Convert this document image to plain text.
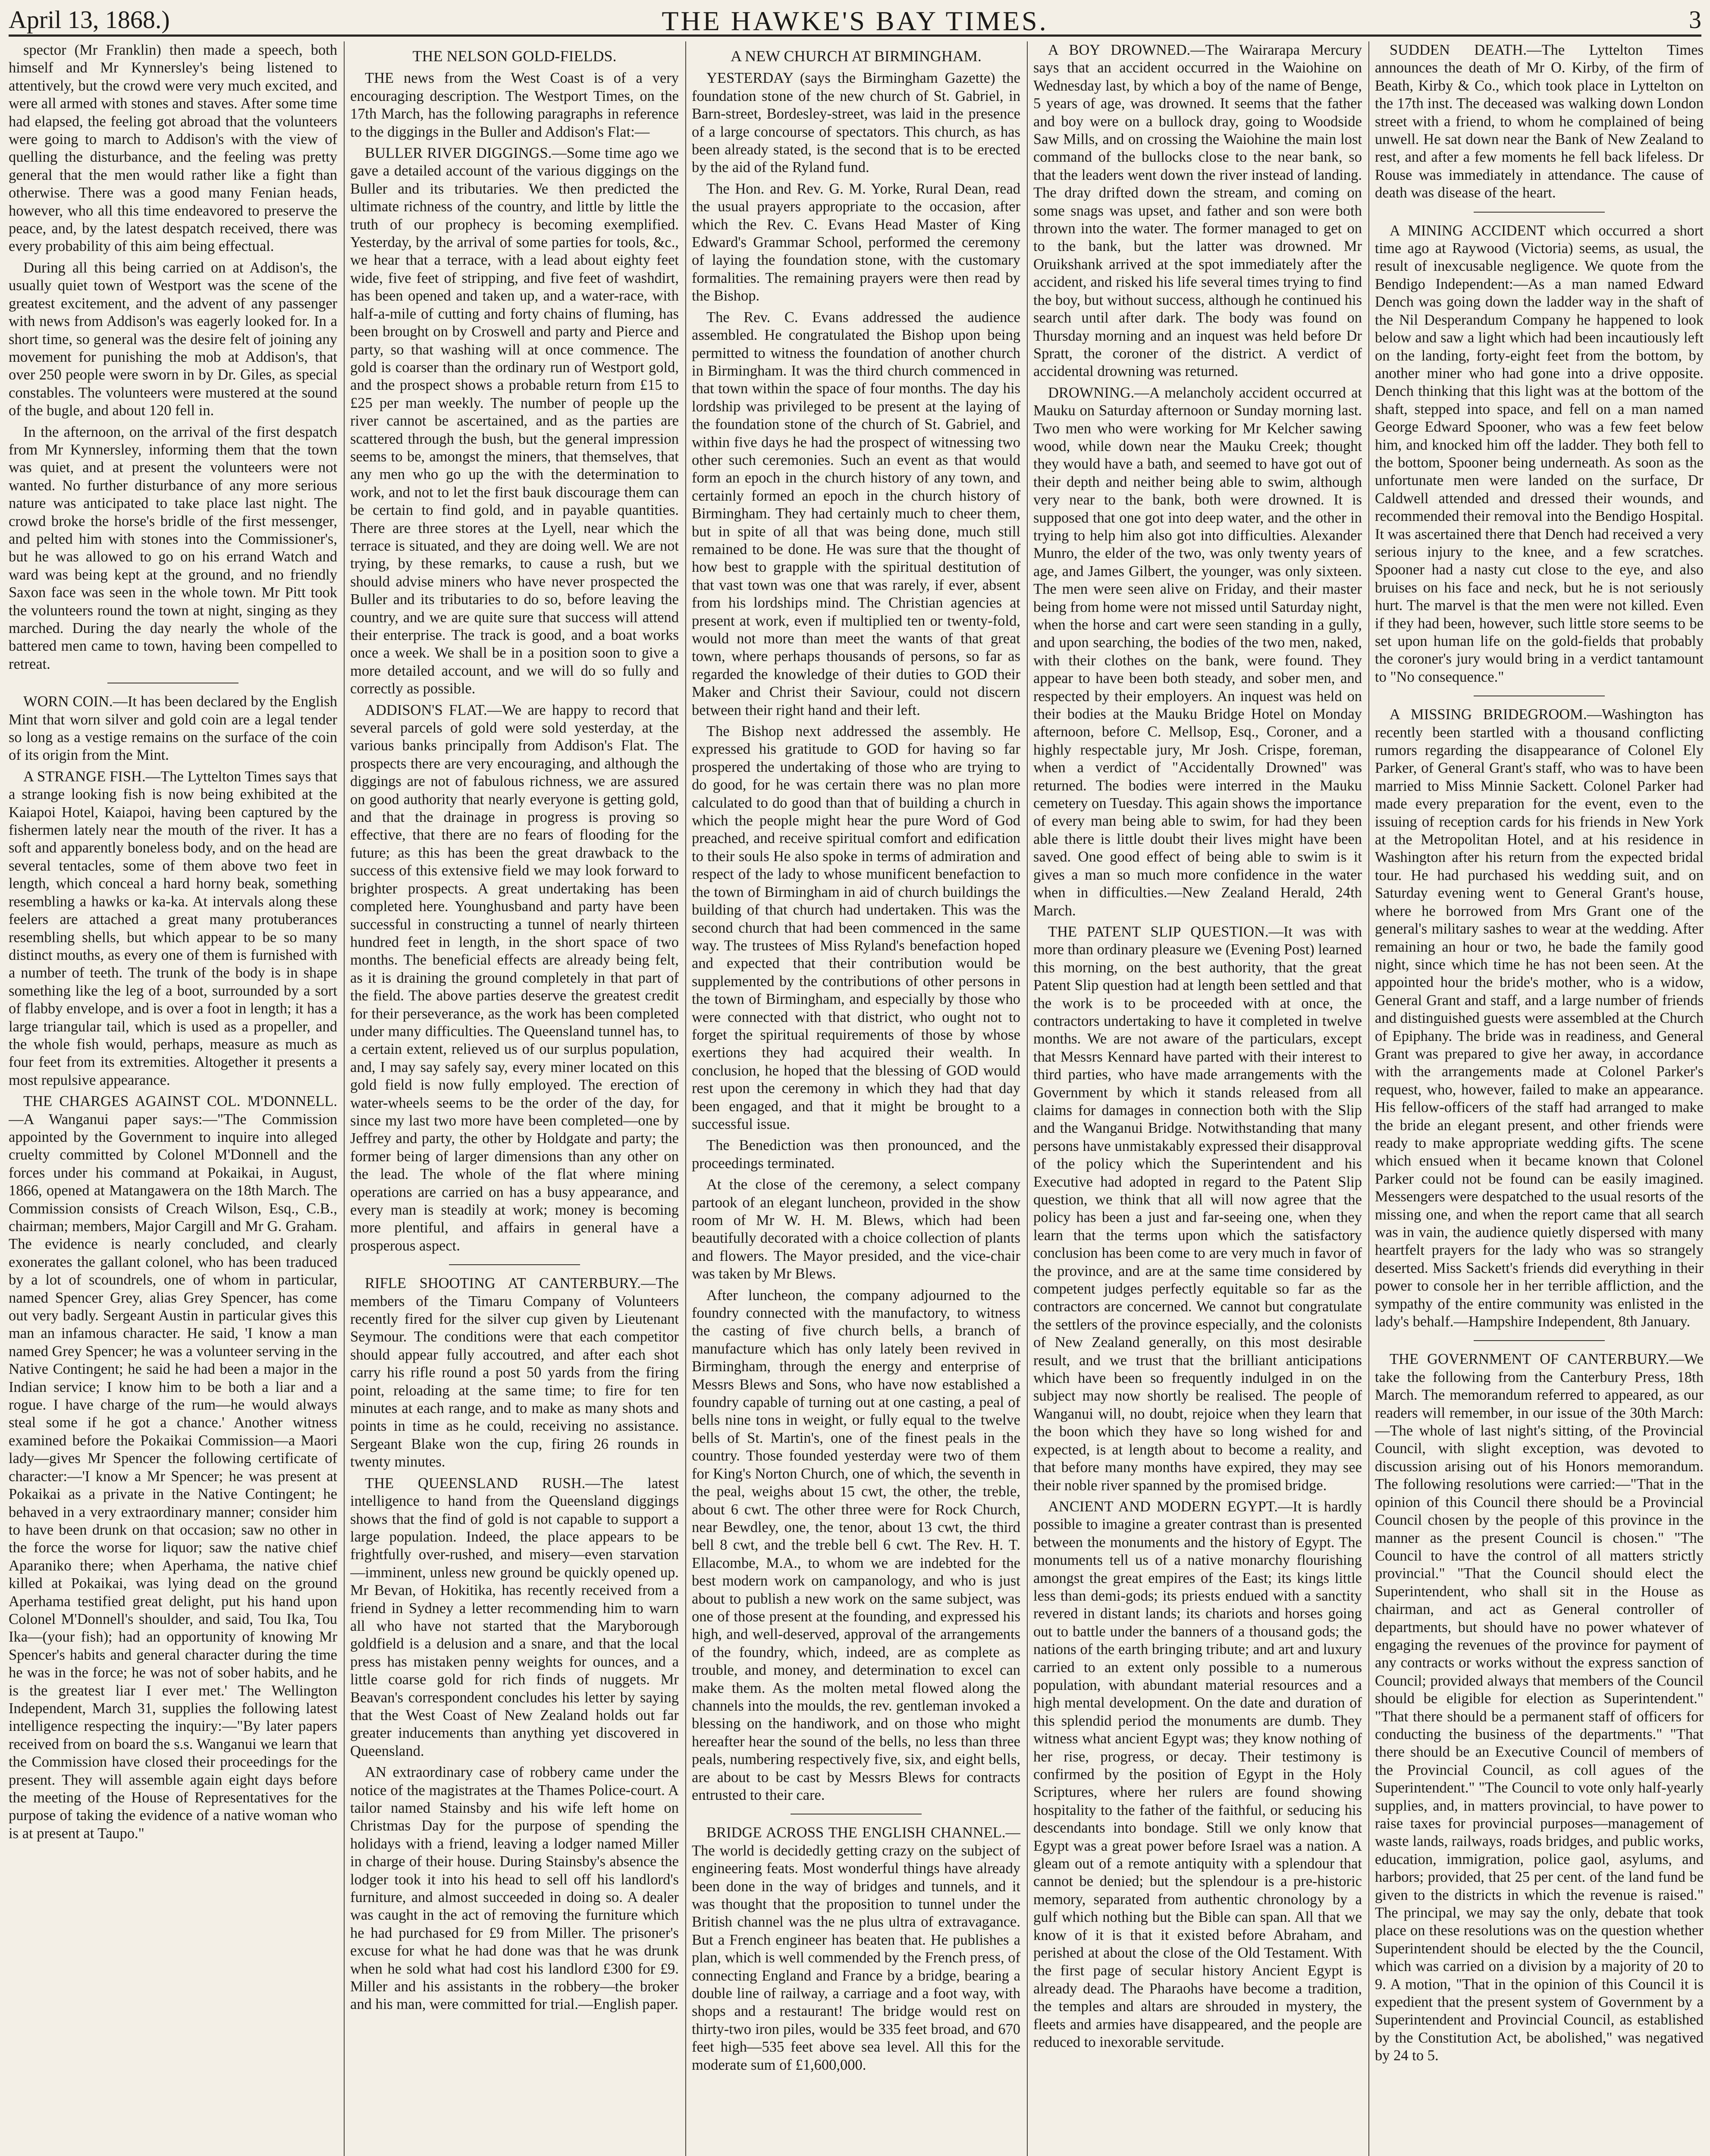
April 13, 1868.)	THE HAWKE'S BAY TIMES.	3

spector (Mr Franklin) then made a speech, both himself and Mr Kynnersley's being listened to attentively, but the crowd were very much excited, and were all armed with stones and staves. After some time had elapsed, the feeling got abroad that the volunteers were going to march to Addison's with the view of quelling the disturbance, and the feeling was pretty general that the men would rather like a fight than otherwise. There was a good many Fenian heads, however, who all this time endeavored to preserve the peace, and, by the latest despatch received, there was every probability of this aim being effectual.

During all this being carried on at Addison's, the usually quiet town of Westport was the scene of the greatest excitement, and the advent of any passenger with news from Addison's was eagerly looked for. In a short time, so general was the desire felt of joining any movement for punishing the mob at Addison's, that over 250 people were sworn in by Dr. Giles, as special constables. The volunteers were mustered at the sound of the bugle, and about 120 fell in.

In the afternoon, on the arrival of the first despatch from Mr Kynnersley, informing them that the town was quiet, and at present the volunteers were not wanted. No further disturbance of any more serious nature was anticipated to take place last night. The crowd broke the horse's bridle of the first messenger, and pelted him with stones into the Commissioner's, but he was allowed to go on his errand Watch and ward was being kept at the ground, and no friendly Saxon face was seen in the whole town. Mr Pitt took the volunteers round the town at night, singing as they marched. During the day nearly the whole of the battered men came to town, having been compelled to retreat.

WORN COIN.—It has been declared by the English Mint that worn silver and gold coin are a legal tender so long as a vestige remains on the surface of the coin of its origin from the Mint.

A STRANGE FISH.—The Lyttelton Times says that a strange looking fish is now being exhibited at the Kaiapoi Hotel, Kaiapoi, having been captured by the fishermen lately near the mouth of the river. It has a soft and apparently boneless body, and on the head are several tentacles, some of them above two feet in length, which conceal a hard horny beak, something resembling a hawks or ka-ka. At intervals along these feelers are attached a great many protuberances resembling shells, but which appear to be so many distinct mouths, as every one of them is furnished with a number of teeth. The trunk of the body is in shape something like the leg of a boot, surrounded by a sort of flabby envelope, and is over a foot in length; it has a large triangular tail, which is used as a propeller, and the whole fish would, perhaps, measure as much as four feet from its extremities. Altogether it presents a most repulsive appearance.

THE CHARGES AGAINST COL. M'DONNELL.—A Wanganui paper says:—"The Commission appointed by the Government to inquire into alleged cruelty committed by Colonel M'Donnell and the forces under his command at Pokaikai, in August, 1866, opened at Matangawera on the 18th March. The Commission consists of Creach Wilson, Esq., C.B., chairman; members, Major Cargill and Mr G. Graham. The evidence is nearly concluded, and clearly exonerates the gallant colonel, who has been traduced by a lot of scoundrels, one of whom in particular, named Spencer Grey, alias Grey Spencer, has come out very badly. Sergeant Austin in particular gives this man an infamous character. He said, 'I know a man named Grey Spencer; he was a volunteer serving in the Native Contingent; he said he had been a major in the Indian service; I know him to be both a liar and a rogue. I have charge of the rum—he would always steal some if he got a chance.' Another witness examined before the Pokaikai Commission—a Maori lady—gives Mr Spencer the following certificate of character:—'I know a Mr Spencer; he was present at Pokaikai as a private in the Native Contingent; he behaved in a very extraordinary manner; consider him to have been drunk on that occasion; saw no other in the force the worse for liquor; saw the native chief Aparaniko there; when Aperhama, the native chief killed at Pokaikai, was lying dead on the ground Aperhama testified great delight, put his hand upon Colonel M'Donnell's shoulder, and said, Tou Ika, Tou Ika—(your fish); had an opportunity of knowing Mr Spencer's habits and general character during the time he was in the force; he was not of sober habits, and he is the greatest liar I ever met.' The Wellington Independent, March 31, supplies the following latest intelligence respecting the inquiry:—"By later papers received from on board the s.s. Wanganui we learn that the Commission have closed their proceedings for the present. They will assemble again eight days before the meeting of the House of Representatives for the purpose of taking the evidence of a native woman who is at present at Taupo."

THE NELSON GOLD-FIELDS.

THE news from the West Coast is of a very encouraging description. The Westport Times, on the 17th March, has the following paragraphs in reference to the diggings in the Buller and Addison's Flat:—

BULLER RIVER DIGGINGS.—Some time ago we gave a detailed account of the various diggings on the Buller and its tributaries. We then predicted the ultimate richness of the country, and little by little the truth of our prophecy is becoming exemplified. Yesterday, by the arrival of some parties for tools, &c., we hear that a terrace, with a lead about eighty feet wide, five feet of stripping, and five feet of washdirt, has been opened and taken up, and a water-race, with half-a-mile of cutting and forty chains of fluming, has been brought on by Croswell and party and Pierce and party, so that washing will at once commence. The gold is coarser than the ordinary run of Westport gold, and the prospect shows a probable return from £15 to £25 per man weekly. The number of people up the river cannot be ascertained, and as the parties are scattered through the bush, but the general impression seems to be, amongst the miners, that themselves, that any men who go up the with the determination to work, and not to let the first bauk discourage them can be certain to find gold, and in payable quantities. There are three stores at the Lyell, near which the terrace is situated, and they are doing well. We are not trying, by these remarks, to cause a rush, but we should advise miners who have never prospected the Buller and its tributaries to do so, before leaving the country, and we are quite sure that success will attend their enterprise. The track is good, and a boat works once a week. We shall be in a position soon to give a more detailed account, and we will do so fully and correctly as possible.

ADDISON'S FLAT.—We are happy to record that several parcels of gold were sold yesterday, at the various banks principally from Addison's Flat. The prospects there are very encouraging, and although the diggings are not of fabulous richness, we are assured on good authority that nearly everyone is getting gold, and that the drainage in progress is proving so effective, that there are no fears of flooding for the future; as this has been the great drawback to the success of this extensive field we may look forward to brighter prospects. A great undertaking has been completed here. Younghusband and party have been successful in constructing a tunnel of nearly thirteen hundred feet in length, in the short space of two months. The beneficial effects are already being felt, as it is draining the ground completely in that part of the field. The above parties deserve the greatest credit for their perseverance, as the work has been completed under many difficulties. The Queensland tunnel has, to a certain extent, relieved us of our surplus population, and, I may say safely say, every miner located on this gold field is now fully employed. The erection of water-wheels seems to be the order of the day, for since my last two more have been completed—one by Jeffrey and party, the other by Holdgate and party; the former being of larger dimensions than any other on the lead. The whole of the flat where mining operations are carried on has a busy appearance, and every man is steadily at work; money is becoming more plentiful, and affairs in general have a prosperous aspect.

RIFLE SHOOTING AT CANTERBURY.—The members of the Timaru Company of Volunteers recently fired for the silver cup given by Lieutenant Seymour. The conditions were that each competitor should appear fully accoutred, and after each shot carry his rifle round a post 50 yards from the firing point, reloading at the same time; to fire for ten minutes at each range, and to make as many shots and points in time as he could, receiving no assistance. Sergeant Blake won the cup, firing 26 rounds in twenty minutes.

THE QUEENSLAND RUSH.—The latest intelligence to hand from the Queensland diggings shows that the find of gold is not capable to support a large population. Indeed, the place appears to be frightfully over-rushed, and misery—even starvation—imminent, unless new ground be quickly opened up. Mr Bevan, of Hokitika, has recently received from a friend in Sydney a letter recommending him to warn all who have not started that the Maryborough goldfield is a delusion and a snare, and that the local press has mistaken penny weights for ounces, and a little coarse gold for rich finds of nuggets. Mr Beavan's correspondent concludes his letter by saying that the West Coast of New Zealand holds out far greater inducements than anything yet discovered in Queensland.

AN extraordinary case of robbery came under the notice of the magistrates at the Thames Police-court. A tailor named Stainsby and his wife left home on Christmas Day for the purpose of spending the holidays with a friend, leaving a lodger named Miller in charge of their house. During Stainsby's absence the lodger took it into his head to sell off his landlord's furniture, and almost succeeded in doing so. A dealer was caught in the act of removing the furniture which he had purchased for £9 from Miller. The prisoner's excuse for what he had done was that he was drunk when he sold what had cost his landlord £300 for £9. Miller and his assistants in the robbery—the broker and his man, were committed for trial.—English paper.

A NEW CHURCH AT BIRMINGHAM.

YESTERDAY (says the Birmingham Gazette) the foundation stone of the new church of St. Gabriel, in Barn-street, Bordesley-street, was laid in the presence of a large concourse of spectators. This church, as has been already stated, is the second that is to be erected by the aid of the Ryland fund.

The Hon. and Rev. G. M. Yorke, Rural Dean, read the usual prayers appropriate to the occasion, after which the Rev. C. Evans Head Master of King Edward's Grammar School, performed the ceremony of laying the foundation stone, with the customary formalities. The remaining prayers were then read by the Bishop.

The Rev. C. Evans addressed the audience assembled. He congratulated the Bishop upon being permitted to witness the foundation of another church in Birmingham. It was the third church commenced in that town within the space of four months. The day his lordship was privileged to be present at the laying of the foundation stone of the church of St. Gabriel, and within five days he had the prospect of witnessing two other such ceremonies. Such an event as that would form an epoch in the church history of any town, and certainly formed an epoch in the church history of Birmingham. They had certainly much to cheer them, but in spite of all that was being done, much still remained to be done. He was sure that the thought of how best to grapple with the spiritual destitution of that vast town was one that was rarely, if ever, absent from his lordships mind. The Christian agencies at present at work, even if multiplied ten or twenty-fold, would not more than meet the wants of that great town, where perhaps thousands of persons, so far as regarded the knowledge of their duties to GOD their Maker and Christ their Saviour, could not discern between their right hand and their left.

The Bishop next addressed the assembly. He expressed his gratitude to GOD for having so far prospered the undertaking of those who are trying to do good, for he was certain there was no plan more calculated to do good than that of building a church in which the people might hear the pure Word of God preached, and receive spiritual comfort and edification to their souls He also spoke in terms of admiration and respect of the lady to whose munificent benefaction to the town of Birmingham in aid of church buildings the building of that church had undertaken. This was the second church that had been commenced in the same way. The trustees of Miss Ryland's benefaction hoped and expected that their contribution would be supplemented by the contributions of other persons in the town of Birmingham, and especially by those who were connected with that district, who ought not to forget the spiritual requirements of those by whose exertions they had acquired their wealth. In conclusion, he hoped that the blessing of GOD would rest upon the ceremony in which they had that day been engaged, and that it might be brought to a successful issue.

The Benediction was then pronounced, and the proceedings terminated.

At the close of the ceremony, a select company partook of an elegant luncheon, provided in the show room of Mr W. H. M. Blews, which had been beautifully decorated with a choice collection of plants and flowers. The Mayor presided, and the vice-chair was taken by Mr Blews.

After luncheon, the company adjourned to the foundry connected with the manufactory, to witness the casting of five church bells, a branch of manufacture which has only lately been revived in Birmingham, through the energy and enterprise of Messrs Blews and Sons, who have now established a foundry capable of turning out at one casting, a peal of bells nine tons in weight, or fully equal to the twelve bells of St. Martin's, one of the finest peals in the country. Those founded yesterday were two of them for King's Norton Church, one of which, the seventh in the peal, weighs about 15 cwt, the other, the treble, about 6 cwt. The other three were for Rock Church, near Bewdley, one, the tenor, about 13 cwt, the third bell 8 cwt, and the treble bell 6 cwt. The Rev. H. T. Ellacombe, M.A., to whom we are indebted for the best modern work on campanology, and who is just about to publish a new work on the same subject, was one of those present at the founding, and expressed his high, and well-deserved, approval of the arrangements of the foundry, which, indeed, are as complete as trouble, and money, and determination to excel can make them. As the molten metal flowed along the channels into the moulds, the rev. gentleman invoked a blessing on the handiwork, and on those who might hereafter hear the sound of the bells, no less than three peals, numbering respectively five, six, and eight bells, are about to be cast by Messrs Blews for contracts entrusted to their care.

BRIDGE ACROSS THE ENGLISH CHANNEL.—The world is decidedly getting crazy on the subject of engineering feats. Most wonderful things have already been done in the way of bridges and tunnels, and it was thought that the proposition to tunnel under the British channel was the ne plus ultra of extravagance. But a French engineer has beaten that. He publishes a plan, which is well commended by the French press, of connecting England and France by a bridge, bearing a double line of railway, a carriage and a foot way, with shops and a restaurant! The bridge would rest on thirty-two iron piles, would be 335 feet broad, and 670 feet high—535 feet above sea level. All this for the moderate sum of £1,600,000.

A BOY DROWNED.—The Wairarapa Mercury says that an accident occurred in the Waiohine on Wednesday last, by which a boy of the name of Benge, 5 years of age, was drowned. It seems that the father and boy were on a bullock dray, going to Woodside Saw Mills, and on crossing the Waiohine the main lost command of the bullocks close to the near bank, so that the leaders went down the river instead of landing. The dray drifted down the stream, and coming on some snags was upset, and father and son were both thrown into the water. The former managed to get on to the bank, but the latter was drowned. Mr Oruikshank arrived at the spot immediately after the accident, and risked his life several times trying to find the boy, but without success, although he continued his search until after dark. The body was found on Thursday morning and an inquest was held before Dr Spratt, the coroner of the district. A verdict of accidental drowning was returned.

DROWNING.—A melancholy accident occurred at Mauku on Saturday afternoon or Sunday morning last. Two men who were working for Mr Kelcher sawing wood, while down near the Mauku Creek; thought they would have a bath, and seemed to have got out of their depth and neither being able to swim, although very near to the bank, both were drowned. It is supposed that one got into deep water, and the other in trying to help him also got into difficulties. Alexander Munro, the elder of the two, was only twenty years of age, and James Gilbert, the younger, was only sixteen. The men were seen alive on Friday, and their master being from home were not missed until Saturday night, when the horse and cart were seen standing in a gully, and upon searching, the bodies of the two men, naked, with their clothes on the bank, were found. They appear to have been both steady, and sober men, and respected by their employers. An inquest was held on their bodies at the Mauku Bridge Hotel on Monday afternoon, before C. Mellsop, Esq., Coroner, and a highly respectable jury, Mr Josh. Crispe, foreman, when a verdict of "Accidentally Drowned" was returned. The bodies were interred in the Mauku cemetery on Tuesday. This again shows the importance of every man being able to swim, for had they been able there is little doubt their lives might have been saved. One good effect of being able to swim is it gives a man so much more confidence in the water when in difficulties.—New Zealand Herald, 24th March.

THE PATENT SLIP QUESTION.—It was with more than ordinary pleasure we (Evening Post) learned this morning, on the best authority, that the great Patent Slip question had at length been settled and that the work is to be proceeded with at once, the contractors undertaking to have it completed in twelve months. We are not aware of the particulars, except that Messrs Kennard have parted with their interest to third parties, who have made arrangements with the Government by which it stands released from all claims for damages in connection both with the Slip and the Wanganui Bridge. Notwithstanding that many persons have unmistakably expressed their disapproval of the policy which the Superintendent and his Executive had adopted in regard to the Patent Slip question, we think that all will now agree that the policy has been a just and far-seeing one, when they learn that the terms upon which the satisfactory conclusion has been come to are very much in favor of the province, and are at the same time considered by competent judges perfectly equitable so far as the contractors are concerned. We cannot but congratulate the settlers of the province especially, and the colonists of New Zealand generally, on this most desirable result, and we trust that the brilliant anticipations which have been so frequently indulged in on the subject may now shortly be realised. The people of Wanganui will, no doubt, rejoice when they learn that the boon which they have so long wished for and expected, is at length about to become a reality, and that before many months have expired, they may see their noble river spanned by the promised bridge.

ANCIENT AND MODERN EGYPT.—It is hardly possible to imagine a greater contrast than is presented between the monuments and the history of Egypt. The monuments tell us of a native monarchy flourishing amongst the great empires of the East; its kings little less than demi-gods; its priests endued with a sanctity revered in distant lands; its chariots and horses going out to battle under the banners of a thousand gods; the nations of the earth bringing tribute; and art and luxury carried to an extent only possible to a numerous population, with abundant material resources and a high mental development. On the date and duration of this splendid period the monuments are dumb. They witness what ancient Egypt was; they know nothing of her rise, progress, or decay. Their testimony is confirmed by the position of Egypt in the Holy Scriptures, where her rulers are found showing hospitality to the father of the faithful, or seducing his descendants into bondage. Still we only know that Egypt was a great power before Israel was a nation. A gleam out of a remote antiquity with a splendour that cannot be denied; but the splendour is a pre-historic memory, separated from authentic chronology by a gulf which nothing but the Bible can span. All that we know of it is that it existed before Abraham, and perished at about the close of the Old Testament. With the first page of secular history Ancient Egypt is already dead. The Pharaohs have become a tradition, the temples and altars are shrouded in mystery, the fleets and armies have disappeared, and the people are reduced to inexorable servitude.

SUDDEN DEATH.—The Lyttelton Times announces the death of Mr O. Kirby, of the firm of Beath, Kirby & Co., which took place in Lyttelton on the 17th inst. The deceased was walking down London street with a friend, to whom he complained of being unwell. He sat down near the Bank of New Zealand to rest, and after a few moments he fell back lifeless. Dr Rouse was immediately in attendance. The cause of death was disease of the heart.

A MINING ACCIDENT which occurred a short time ago at Raywood (Victoria) seems, as usual, the result of inexcusable negligence. We quote from the Bendigo Independent:—As a man named Edward Dench was going down the ladder way in the shaft of the Nil Desperandum Company he happened to look below and saw a light which had been incautiously left on the landing, forty-eight feet from the bottom, by another miner who had gone into a drive opposite. Dench thinking that this light was at the bottom of the shaft, stepped into space, and fell on a man named George Edward Spooner, who was a few feet below him, and knocked him off the ladder. They both fell to the bottom, Spooner being underneath. As soon as the unfortunate men were landed on the surface, Dr Caldwell attended and dressed their wounds, and recommended their removal into the Bendigo Hospital. It was ascertained there that Dench had received a very serious injury to the knee, and a few scratches. Spooner had a nasty cut close to the eye, and also bruises on his face and neck, but he is not seriously hurt. The marvel is that the men were not killed. Even if they had been, however, such little store seems to be set upon human life on the gold-fields that probably the coroner's jury would bring in a verdict tantamount to "No consequence."

A MISSING BRIDEGROOM.—Washington has recently been startled with a thousand conflicting rumors regarding the disappearance of Colonel Ely Parker, of General Grant's staff, who was to have been married to Miss Minnie Sackett. Colonel Parker had made every preparation for the event, even to the issuing of reception cards for his friends in New York at the Metropolitan Hotel, and at his residence in Washington after his return from the expected bridal tour. He had purchased his wedding suit, and on Saturday evening went to General Grant's house, where he borrowed from Mrs Grant one of the general's military sashes to wear at the wedding. After remaining an hour or two, he bade the family good night, since which time he has not been seen. At the appointed hour the bride's mother, who is a widow, General Grant and staff, and a large number of friends and distinguished guests were assembled at the Church of Epiphany. The bride was in readiness, and General Grant was prepared to give her away, in accordance with the arrangements made at Colonel Parker's request, who, however, failed to make an appearance. His fellow-officers of the staff had arranged to make the bride an elegant present, and other friends were ready to make appropriate wedding gifts. The scene which ensued when it became known that Colonel Parker could not be found can be easily imagined. Messengers were despatched to the usual resorts of the missing one, and when the report came that all search was in vain, the audience quietly dispersed with many heartfelt prayers for the lady who was so strangely deserted. Miss Sackett's friends did everything in their power to console her in her terrible affliction, and the sympathy of the entire community was enlisted in the lady's behalf.—Hampshire Independent, 8th January.

THE GOVERNMENT OF CANTERBURY.—We take the following from the Canterbury Press, 18th March. The memorandum referred to appeared, as our readers will remember, in our issue of the 30th March:—The whole of last night's sitting, of the Provincial Council, with slight exception, was devoted to discussion arising out of his Honors memorandum. The following resolutions were carried:—"That in the opinion of this Council there should be a Provincial Council chosen by the people of this province in the manner as the present Council is chosen." "The Council to have the control of all matters strictly provincial." "That the Council should elect the Superintendent, who shall sit in the House as chairman, and act as General controller of departments, but should have no power whatever of engaging the revenues of the province for payment of any contracts or works without the express sanction of Council; provided always that members of the Council should be eligible for election as Superintendent." "That there should be a permanent staff of officers for conducting the business of the departments." "That there should be an Executive Council of members of the Provincial Council, as coll agues of the Superintendent." "The Council to vote only half-yearly supplies, and, in matters provincial, to have power to raise taxes for provincial purposes—management of waste lands, railways, roads bridges, and public works, education, immigration, police gaol, asylums, and harbors; provided, that 25 per cent. of the land fund be given to the districts in which the revenue is raised." The principal, we may say the only, debate that took place on these resolutions was on the question whether Superintendent should be elected by the the Council, which was carried on a division by a majority of 20 to 9. A motion, "That in the opinion of this Council it is expedient that the present system of Government by a Superintendent and Provincial Council, as established by the Constitution Act, be abolished," was negatived by 24 to 5.
